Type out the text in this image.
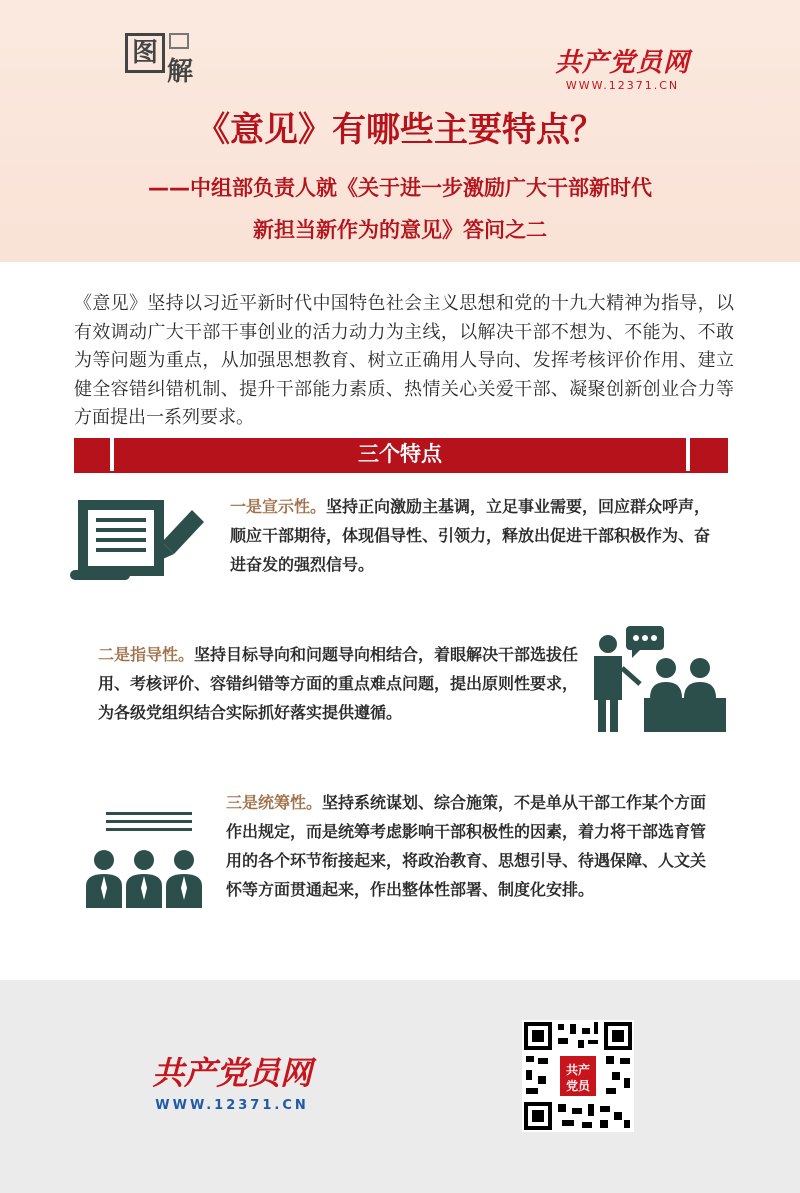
图
解	共产党员网
WWW.12371.CN
《意见》有哪些主要特点？
——中组部负责人就《关于进一步激励广大干部新时代
新担当新作为的意见》答问之二
《意见》坚持以习近平新时代中国特色社会主义思想和党的十九大精神为指导，以有效调动广大干部干事创业的活力动力为主线，以解决干部不想为、不能为、不敢为等问题为重点，从加强思想教育、树立正确用人导向、发挥考核评价作用、建立健全容错纠错机制、提升干部能力素质、热情关心关爱干部、凝聚创新创业合力等方面提出一系列要求。
三个特点
一是宣示性。坚持正向激励主基调，立足事业需要，回应群众呼声，顺应干部期待，体现倡导性、引领力，释放出促进干部积极作为、奋进奋发的强烈信号。
二是指导性。坚持目标导向和问题导向相结合，着眼解决干部选拔任用、考核评价、容错纠错等方面的重点难点问题，提出原则性要求，为各级党组织结合实际抓好落实提供遵循。
三是统筹性。坚持系统谋划、综合施策，不是单从干部工作某个方面作出规定，而是统筹考虑影响干部积极性的因素，着力将干部选育管用的各个环节衔接起来，将政治教育、思想引导、待遇保障、人文关怀等方面贯通起来，作出整体性部署、制度化安排。
共产党员网
WWW.12371.CN
共产
党员
